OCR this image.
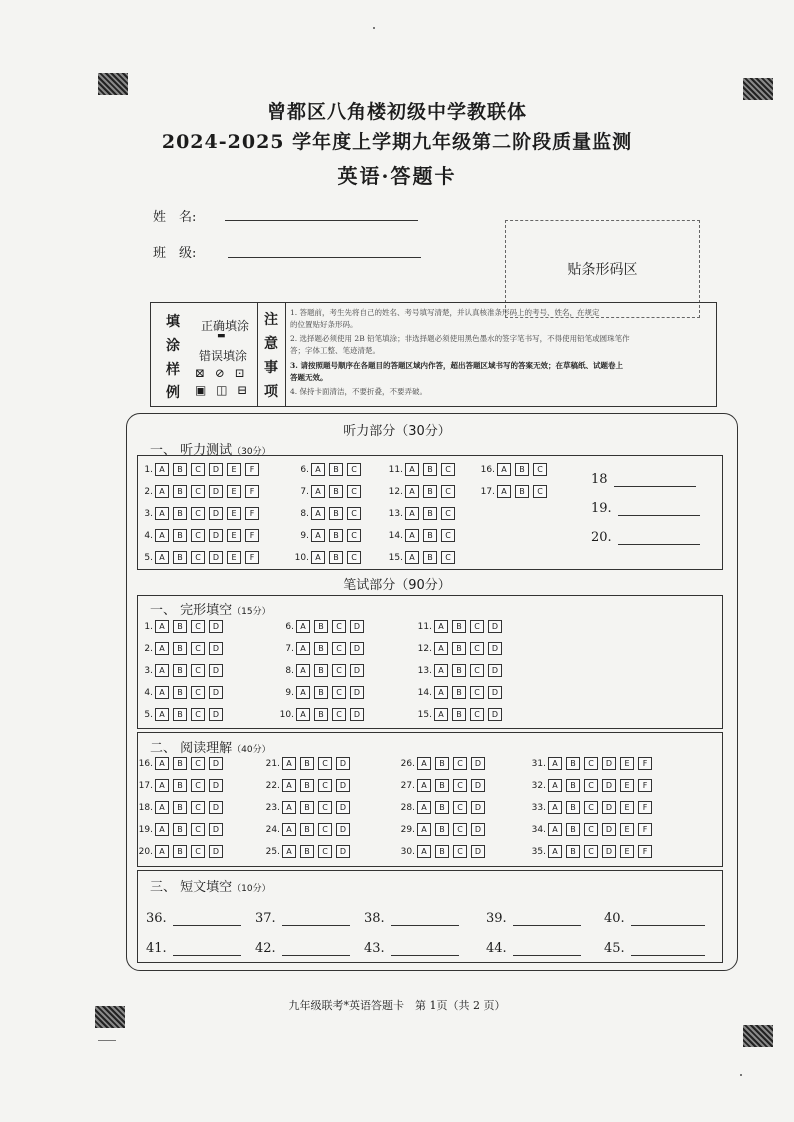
曾都区八角楼初级中学教联体
2024-2025 学年度上学期九年级第二阶段质量监测
英语·答题卡
姓　名:
班　级:
贴条形码区
填
涂
样
例
正确填涂
▬
错误填涂
⊠ ⊘ ⊡
▣ ◫ ⊟
注
意
事
项
1. 答题前，考生先将自己的姓名、考号填写清楚，并认真核准条形码上的考号、姓名，在规定
的位置贴好条形码。
2. 选择题必须使用 2B 铅笔填涂；非选择题必须使用黑色墨水的签字笔书写，不得使用铅笔或圆珠笔作
答；字体工整、笔迹清楚。
3. 请按照题号顺序在各题目的答题区域内作答，超出答题区域书写的答案无效；在草稿纸、试题卷上
答题无效。
4. 保持卡面清洁，不要折叠，不要弄破。
听力部分（30分）
一、 听力测试（30分）
1. A	B	C	D	E	F
2. A	B	C	D	E	F
3. A	B	C	D	E	F
4. A	B	C	D	E	F
5. A	B	C	D	E	F
6. A	B	C
7. A	B	C
8. A	B	C
9. A	B	C
10. A	B	C
11. A	B	C
12. A	B	C
13. A	B	C
14. A	B	C
15. A	B	C
16. A	B	C
17. A	B	C
18
19.
20.
笔试部分（90分）
一、 完形填空（15分）
1. A	B	C	D
2. A	B	C	D
3. A	B	C	D
4. A	B	C	D
5. A	B	C	D
6. A	B	C	D
7. A	B	C	D
8. A	B	C	D
9. A	B	C	D
10. A	B	C	D
11. A	B	C	D
12. A	B	C	D
13. A	B	C	D
14. A	B	C	D
15. A	B	C	D
二、 阅读理解（40分）
16. A	B	C	D
17. A	B	C	D
18. A	B	C	D
19. A	B	C	D
20. A	B	C	D
21. A	B	C	D
22. A	B	C	D
23. A	B	C	D
24. A	B	C	D
25. A	B	C	D
26. A	B	C	D
27. A	B	C	D
28. A	B	C	D
29. A	B	C	D
30. A	B	C	D
31. A	B	C	D	E	F
32. A	B	C	D	E	F
33. A	B	C	D	E	F
34. A	B	C	D	E	F
35. A	B	C	D	E	F
三、 短文填空（10分）
36.	37.	38.	39.	40.
41.	42.	43.	44.	45.
九年级联考*英语答题卡　第 1页（共 2 页）
